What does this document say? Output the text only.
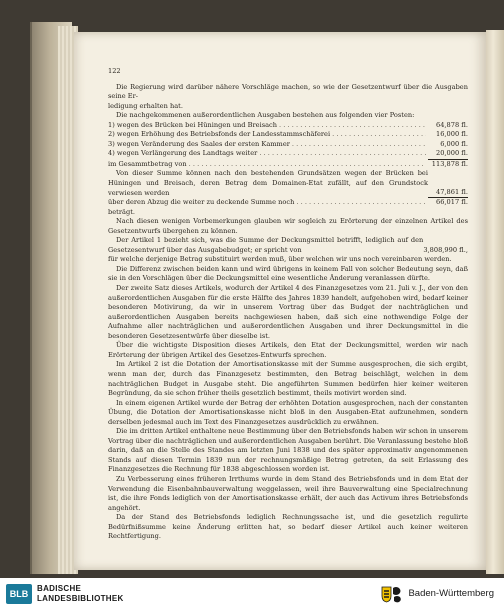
122

Die Regierung wird darüber nähere Vorschläge machen, so wie der Gesetzentwurf über die Ausgaben seine Er-

ledigung erhalten hat.

Die nachgekommenen außerordentlichen Ausgaben bestehen aus folgenden vier Posten:

1) wegen des Brücken bei Hüningen und Breisach . . .	64,878 fl.
2) wegen Erhöhung des Betriebsfonds der Landesstammschäferei . . .	16,000 fl.
3) wegen Veränderung des Saales der ersten Kammer . . .	6,000 fl.
4) wegen Verlängerung des Landtags weiter . . .	20,000 fl.
im Gesammtbetrag von . . .	113,878 fl.
Von dieser Summe können nach den bestehenden Grundsätzen wegen der Brücken bei Hüningen und Breisach, deren Betrag dem Domainen-Etat zufällt, auf den Grundstock verwiesen werden	47,861 fl.
über deren Abzug die weiter zu deckende Summe noch . . .	66,017 fl.

beträgt.

Nach diesen wenigen Vorbemerkungen glauben wir sogleich zu Erörterung der einzelnen Artikel des Gesetzentwurfs übergehen zu können.

Der Artikel 1 bezieht sich, was die Summe der Deckungsmittel betrifft, lediglich auf den Gesetzesentwurf über das Ausgabebudget; er spricht von	3,808,990 fl.,

für welche derjenige Betrag substituirt werden muß, über welchen wir uns noch vereinbaren werden.

Die Differenz zwischen beiden kann und wird übrigens in keinem Fall von solcher Bedeutung seyn, daß sie in den Vorschlägen über die Deckungsmittel eine wesentliche Änderung veranlassen dürfte.

Der zweite Satz dieses Artikels, wodurch der Artikel 4 des Finanzgesetzes vom 21. Juli v. J., der von den außerordentlichen Ausgaben für die erste Hälfte des Jahres 1839 handelt, aufgehoben wird, bedarf keiner besonderen Motivirung, da wir in unserem Vortrag über das Budget der nachträglichen und außerordentlichen Ausgaben bereits nachgewiesen haben, daß sich eine nothwendige Folge der Aufnahme aller nachträglichen und außerordentlichen Ausgaben und ihrer Deckungsmittel in die besonderen Gesetzesentwürfe über dieselbe ist.

Über die wichtigste Disposition dieses Artikels, den Etat der Deckungsmittel, werden wir nach Erörterung der übrigen Artikel des Gesetzes-Entwurfs sprechen.

Im Artikel 2 ist die Dotation der Amortisationskasse mit der Summe ausgesprochen, die sich ergibt, wenn man der, durch das Finanzgesetz bestimmten, den Betrag beischlägt, welchen in dem nachträglichen Budget in Ausgabe steht. Die angeführten Summen bedürfen hier keiner weiteren Begründung, da sie schon früher theils gesetzlich bestimmt, theils motivirt worden sind.

In einem eigenen Artikel wurde der Betrag der erhöhten Dotation ausgesprochen, nach der constanten Übung, die Dotation der Amortisationskasse nicht bloß in den Ausgaben-Etat aufzunehmen, sondern derselben jedesmal auch im Text des Finanzgesetzes ausdrücklich zu erwähnen.

Die im dritten Artikel enthaltene neue Bestimmung über den Betriebsfonds haben wir schon in unserem Vortrag über die nachträglichen und außerordentlichen Ausgaben berührt. Die Veranlassung bestehe bloß darin, daß an die Stelle des Standes am letzten Juni 1838 und des später approximativ angenommenen Stands auf diesen Termin 1839 nun der rechnungsmäßige Betrag getreten, da seit Erlassung des Finanzgesetzes die Rechnung für 1838 abgeschlossen worden ist.

Zu Verbesserung eines früheren Irrthums wurde in dem Stand des Betriebsfonds und in dem Etat der Verwendung die Eisenbahnbauverwaltung weggelassen, weil ihre Bauverwaltung eine Specialrechnung ist, die ihre Fonds lediglich von der Amortisationskasse erhält, der auch das Activum ihres Betriebsfonds angehört.

Da der Stand des Betriebsfonds lediglich Rechnungssache ist, und die gesetzlich regulirte Bedürfnißsumme keine Änderung erlitten hat, so bedarf dieser Artikel auch keiner weiteren Rechtfertigung.

BLB
BADISCHE
LANDESBIBLIOTHEK	Baden-Württemberg
